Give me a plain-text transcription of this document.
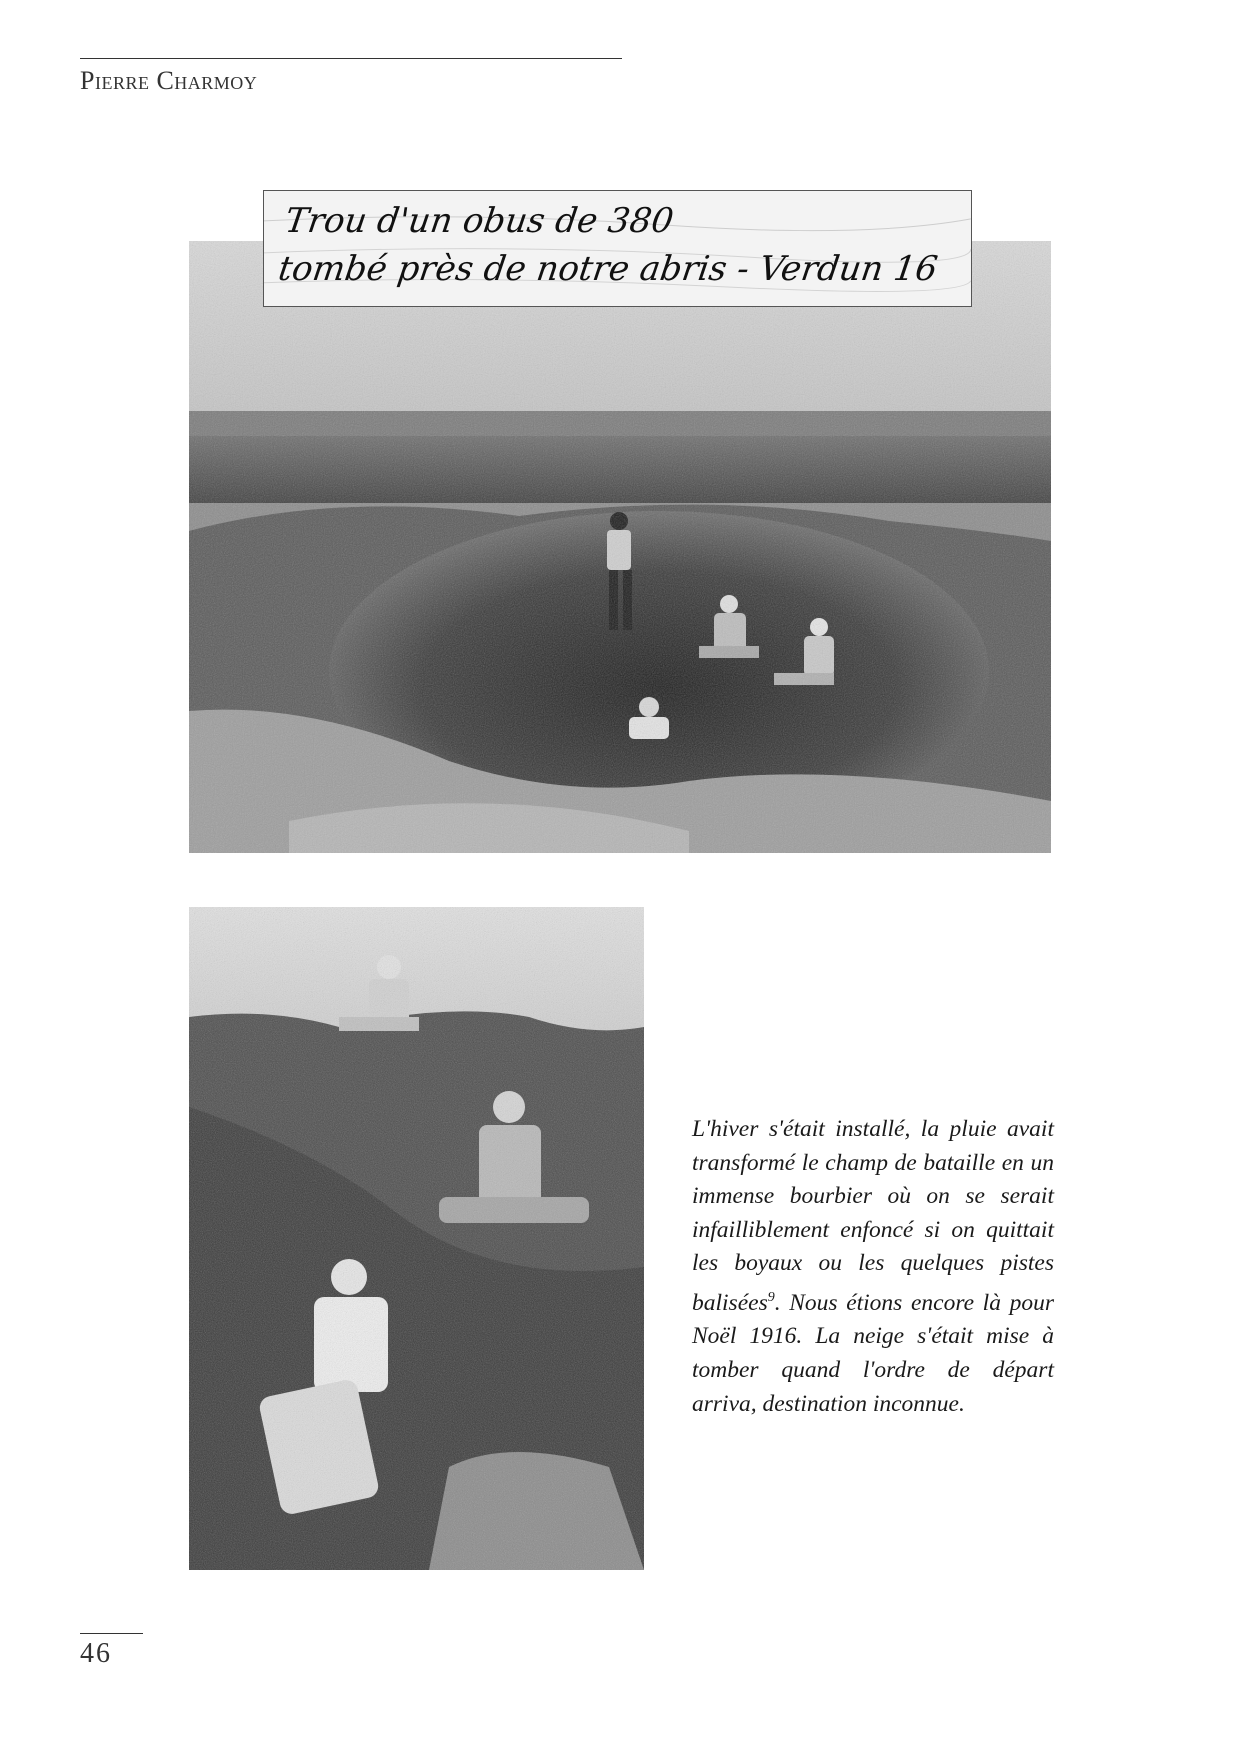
Pierre Charmoy
Trou d'un obus de 380
tombé près de notre abris - Verdun 16
L'hiver s'était installé, la pluie avait transformé le champ de bataille en un immense bourbier où on se serait infailliblement enfoncé si on quittait les boyaux ou les quelques pistes balisées$^9$. Nous étions encore là pour Noël 1916. La neige s'était mise à tomber quand l'ordre de départ arriva, destination inconnue.
46
